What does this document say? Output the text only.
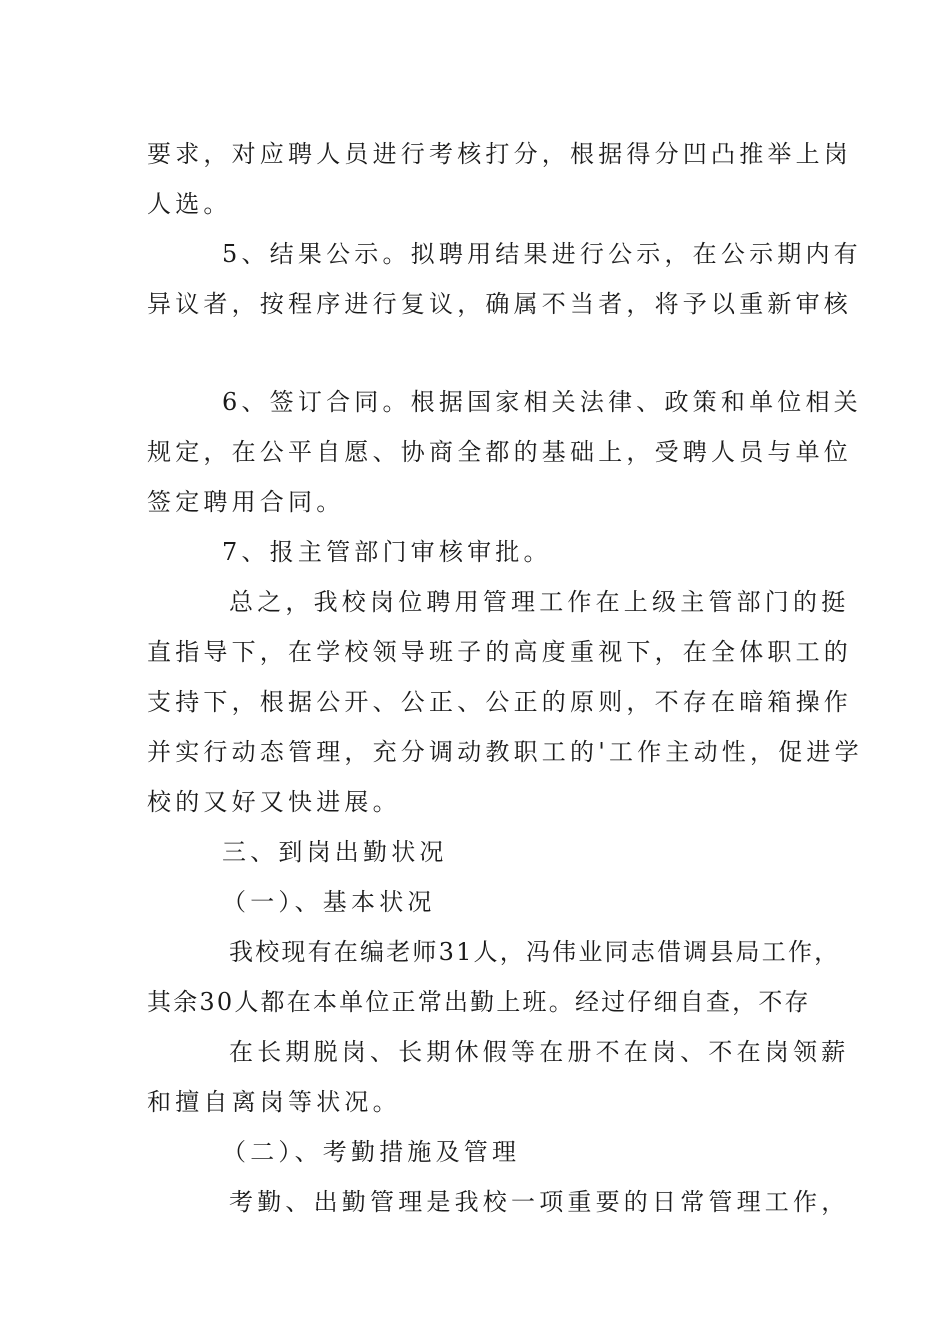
要求，对应聘人员进行考核打分，根据得分凹凸推举上岗
人选。
5、结果公示。拟聘用结果进行公示，在公示期内有
异议者，按程序进行复议，确属不当者，将予以重新审核
6、签订合同。根据国家相关法律、政策和单位相关
规定，在公平自愿、协商全都的基础上，受聘人员与单位
签定聘用合同。
7、报主管部门审核审批。
总之，我校岗位聘用管理工作在上级主管部门的挺
直指导下，在学校领导班子的高度重视下，在全体职工的
支持下，根据公开、公正、公正的原则，不存在暗箱操作
并实行动态管理，充分调动教职工的'工作主动性，促进学
校的又好又快进展。
三、到岗出勤状况
（一）、基本状况
我校现有在编老师31人，冯伟业同志借调县局工作，
其余30人都在本单位正常出勤上班。经过仔细自查，不存
在长期脱岗、长期休假等在册不在岗、不在岗领薪
和擅自离岗等状况。
（二）、考勤措施及管理
考勤、出勤管理是我校一项重要的日常管理工作，
